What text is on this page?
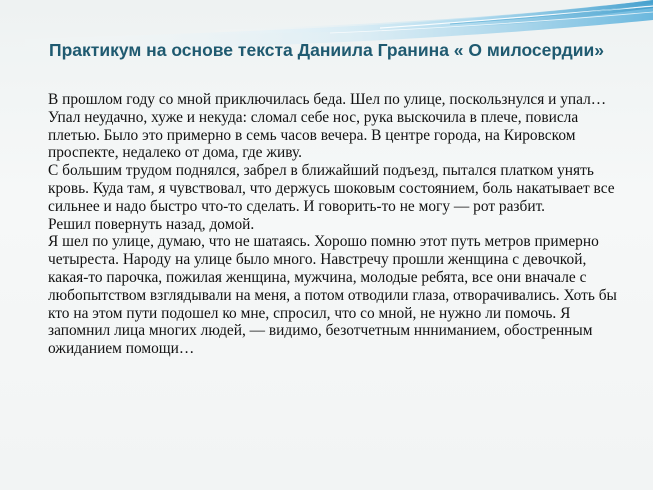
Практикум на основе текста Даниила Гранина « О милосердии»

В прошлом году со мной приключилась беда. Шел по улице, поскользнулся и упал… Упал неудачно, хуже и некуда: сломал себе нос, рука выскочила в плече, повисла плетью. Было это примерно в семь часов вечера. В центре города, на Кировском проспекте, недалеко от дома, где живу.

С большим трудом поднялся, забрел в ближайший подъезд, пытался платком унять кровь. Куда там, я чувствовал, что держусь шоковым состоянием, боль накатывает все сильнее и надо быстро что-то сделать. И говорить-то не могу — рот разбит.

Решил повернуть назад, домой.

Я шел по улице, думаю, что не шатаясь. Хорошо помню этот путь метров примерно четыреста. Народу на улице было много. Навстречу прошли женщина с девочкой, какая-то парочка, пожилая женщина, мужчина, молодые ребята, все они вначале с любопытством взглядывали на меня, а потом отводили глаза, отворачивались. Хоть бы кто на этом пути подошел ко мне, спросил, что со мной, не нужно ли помочь. Я запомнил лица многих людей, — видимо, безотчетным ннниманием, обостренным ожиданием помощи…
